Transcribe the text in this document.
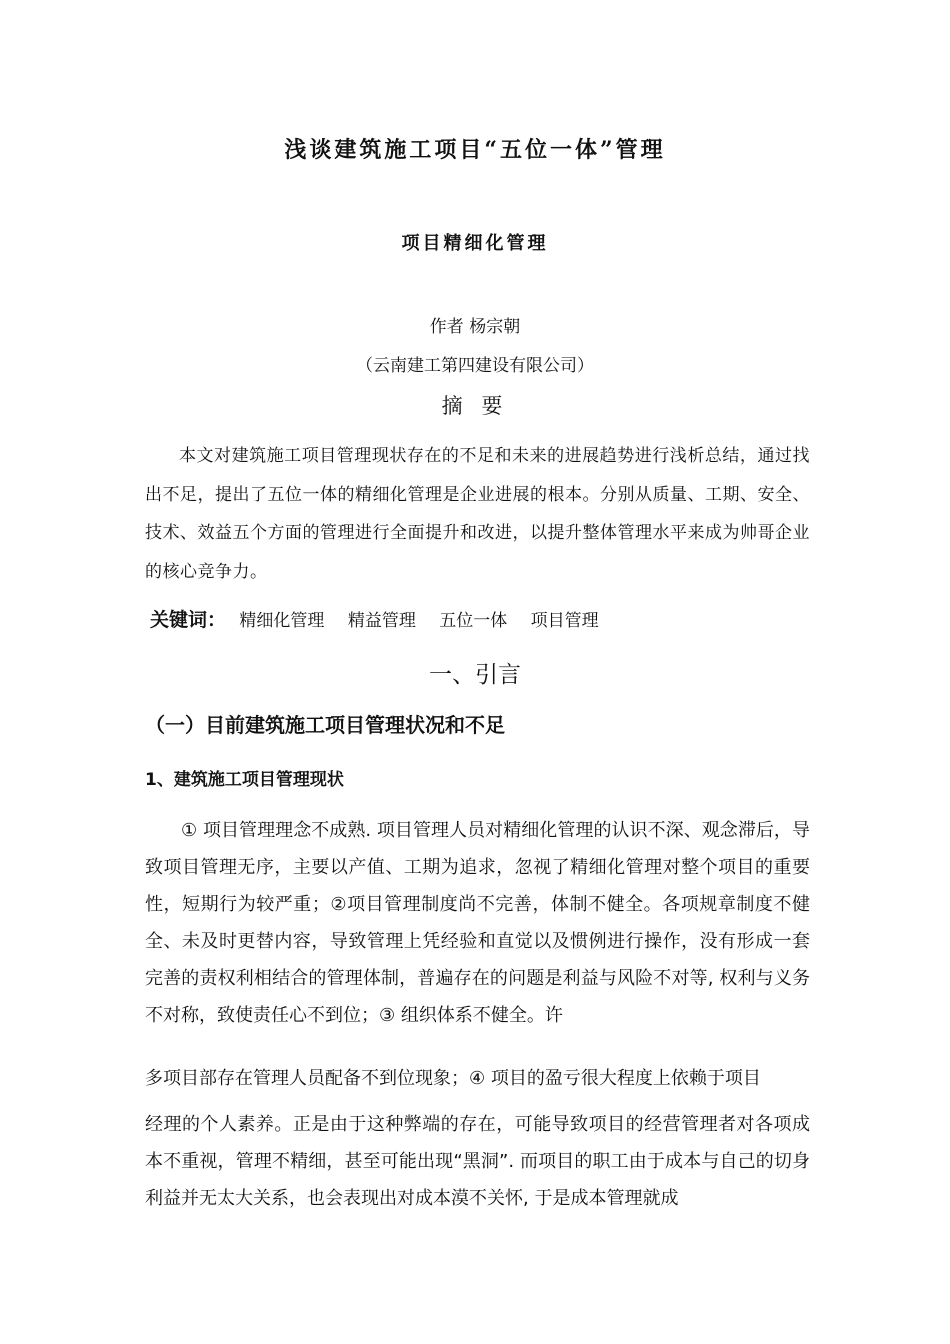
浅谈建筑施工项目“五位一体”管理
项目精细化管理
作者 杨宗朝
（云南建工第四建设有限公司）
摘 要

本文对建筑施工项目管理现状存在的不足和未来的进展趋势进行浅析总结，通过找出不足，提出了五位一体的精细化管理是企业进展的根本。分别从质量、工期、安全、技术、效益五个方面的管理进行全面提升和改进，以提升整体管理水平来成为帅哥企业的核心竞争力。

关键词： 精细化管理 精益管理 五位一体 项目管理
一、引言
（一）目前建筑施工项目管理状况和不足
1、建筑施工项目管理现状

① 项目管理理念不成熟. 项目管理人员对精细化管理的认识不深、观念滞后，导致项目管理无序，主要以产值、工期为追求，忽视了精细化管理对整个项目的重要性，短期行为较严重；②项目管理制度尚不完善，体制不健全。各项规章制度不健全、未及时更替内容，导致管理上凭经验和直觉以及惯例进行操作，没有形成一套完善的责权利相结合的管理体制，普遍存在的问题是利益与风险不对等, 权利与义务不对称，致使责任心不到位；③ 组织体系不健全。许

多项目部存在管理人员配备不到位现象；④ 项目的盈亏很大程度上依赖于项目

经理的个人素养。正是由于这种弊端的存在，可能导致项目的经营管理者对各项成本不重视，管理不精细，甚至可能出现“黑洞”. 而项目的职工由于成本与自己的切身利益并无太大关系，也会表现出对成本漠不关怀, 于是成本管理就成
